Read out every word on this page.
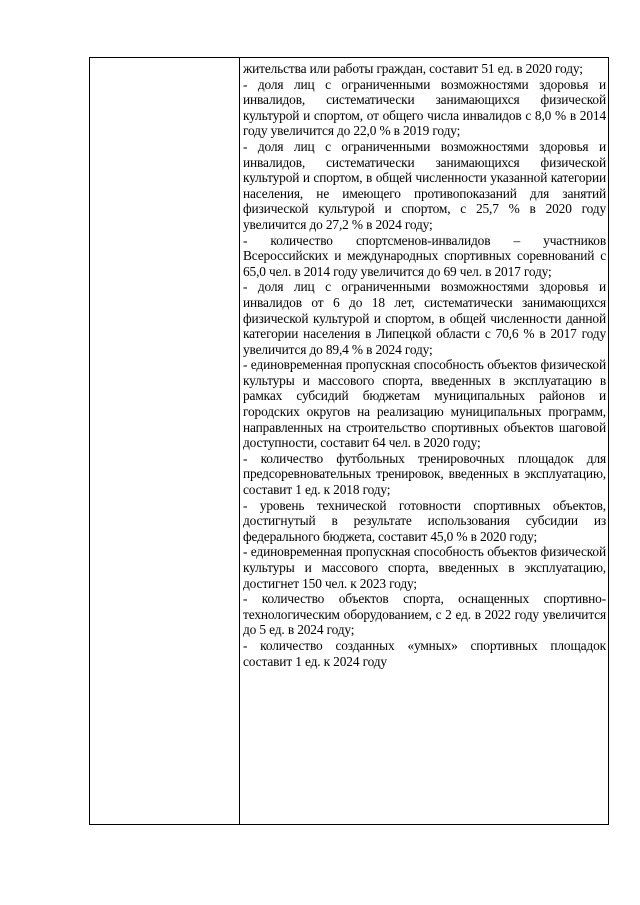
жительства или работы граждан, составит 51 ед. в 2020 году;

- доля лиц с ограниченными возможностями здоровья и инвалидов, систематически занимающихся физической культурой и спортом, от общего числа инвалидов с 8,0 % в 2014 году увеличится до 22,0 % в 2019 году;

- доля лиц с ограниченными возможностями здоровья и инвалидов, систематически занимающихся физической культурой и спортом, в общей численности указанной категории населения, не имеющего противопоказаний для занятий физической культурой и спортом, с 25,7 % в 2020 году увеличится до 27,2 % в 2024 году;

- количество спортсменов-инвалидов – участников Всероссийских и международных спортивных соревнований с 65,0 чел. в 2014 году увеличится до 69 чел. в 2017 году;

- доля лиц с ограниченными возможностями здоровья и инвалидов от 6 до 18 лет, систематически занимающихся физической культурой и спортом, в общей численности данной категории населения в Липецкой области с 70,6 % в 2017 году увеличится до 89,4 % в 2024 году;

- единовременная пропускная способность объектов физической культуры и массового спорта, введенных в эксплуатацию в рамках субсидий бюджетам муниципальных районов и городских округов на реализацию муниципальных программ, направленных на строительство спортивных объектов шаговой доступности, составит 64 чел. в 2020 году;

- количество футбольных тренировочных площадок для предсоревновательных тренировок, введенных в эксплуатацию, составит 1 ед. к 2018 году;

- уровень технической готовности спортивных объектов, достигнутый в результате использования субсидии из федерального бюджета, составит 45,0 % в 2020 году;

- единовременная пропускная способность объектов физической культуры и массового спорта, введенных в эксплуатацию, достигнет 150 чел. к 2023 году;

- количество объектов спорта, оснащенных спортивно-технологическим оборудованием, с 2 ед. в 2022 году увеличится до 5 ед. в 2024 году;

- количество созданных «умных» спортивных площадок составит 1 ед. к 2024 году
